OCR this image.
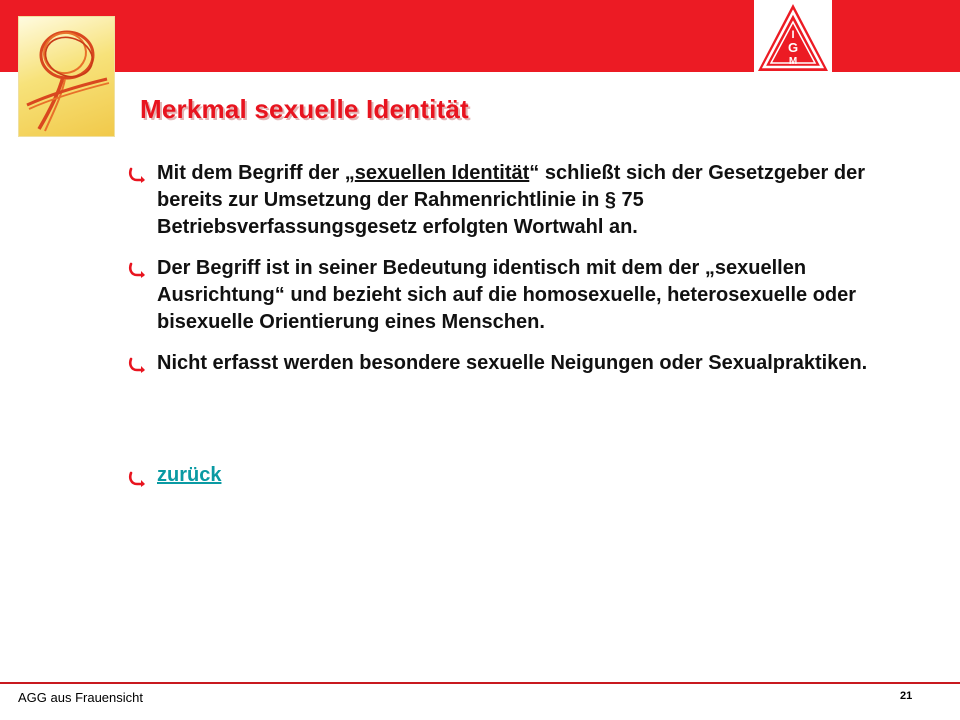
I
G
M
Merkmal sexuelle Identität

Mit dem Begriff der „sexuellen Identität“ schließt sich der Gesetzgeber der bereits zur Umsetzung der Rahmenrichtlinie in § 75 Betriebsverfassungsgesetz erfolgten Wortwahl an.

Der Begriff ist in seiner Bedeutung identisch mit dem der „sexuellen Ausrichtung“ und bezieht sich auf die homosexuelle, heterosexuelle oder bisexuelle Orientierung eines Menschen.

Nicht erfasst werden besondere sexuelle Neigungen oder Sexualpraktiken.

zurück
AGG aus Frauensicht	21
